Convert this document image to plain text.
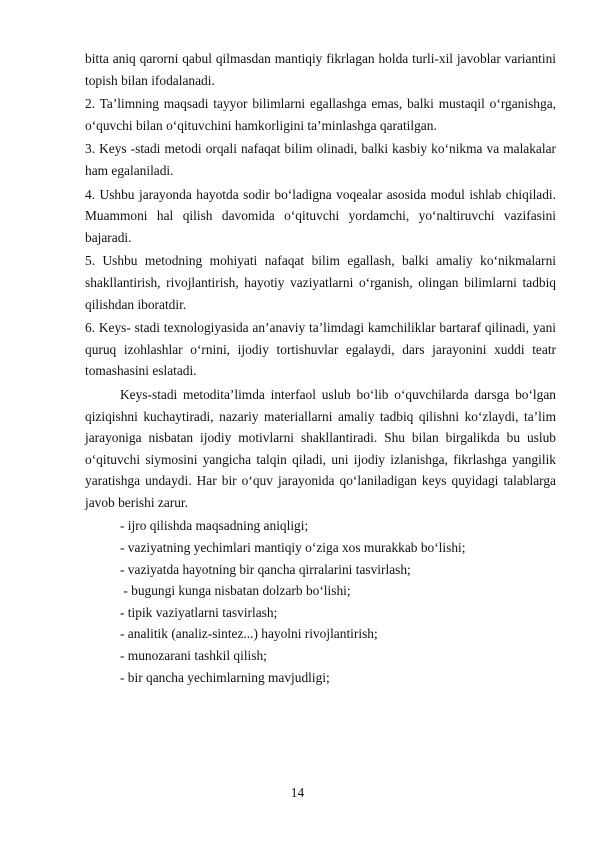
bitta aniq qarorni qabul qilmasdan mantiqiy fikrlagan holda turli-xil javoblar variantini topish bilan ifodalanadi.

2. Ta’limning maqsadi tayyor bilimlarni egallashga emas, balki mustaqil o‘rganishga, o‘quvchi bilan o‘qituvchini hamkorligini ta’minlashga qaratilgan.

3. Keys -stadi metodi orqali nafaqat bilim olinadi, balki kasbiy ko‘nikma va malakalar ham egalaniladi.

4. Ushbu jarayonda hayotda sodir bo‘ladigna voqealar asosida modul ishlab chiqiladi. Muammoni hal qilish davomida o‘qituvchi yordamchi, yo‘naltiruvchi vazifasini bajaradi.

5. Ushbu metodning mohiyati nafaqat bilim egallash, balki amaliy ko‘nikmalarni shakllantirish, rivojlantirish, hayotiy vaziyatlarni o‘rganish, olingan bilimlarni tadbiq qilishdan iboratdir.

6. Keys- stadi texnologiyasida an’anaviy ta’limdagi kamchiliklar bartaraf qilinadi, yani quruq izohlashlar o‘rnini, ijodiy tortishuvlar egalaydi, dars jarayonini xuddi teatr tomashasini eslatadi.

Keys-stadi metodita’limda interfaol uslub bo‘lib o‘quvchilarda darsga bo‘lgan qiziqishni kuchaytiradi, nazariy materiallarni amaliy tadbiq qilishni ko‘zlaydi, ta’lim jarayoniga nisbatan ijodiy motivlarni shakllantiradi. Shu bilan birgalikda bu uslub o‘qituvchi siymosini yangicha talqin qiladi, uni ijodiy izlanishga, fikrlashga yangilik yaratishga undaydi. Har bir o‘quv jarayonida qo‘laniladigan keys quyidagi talablarga javob berishi zarur.

- ijro qilishda maqsadning aniqligi;
- vaziyatning yechimlari mantiqiy o‘ziga xos murakkab bo‘lishi;
- vaziyatda hayotning bir qancha qirralarini tasvirlash;
- bugungi kunga nisbatan dolzarb bo‘lishi;
- tipik vaziyatlarni tasvirlash;
- analitik (analiz-sintez...) hayolni rivojlantirish;
- munozarani tashkil qilish;
- bir qancha yechimlarning mavjudligi;
14
